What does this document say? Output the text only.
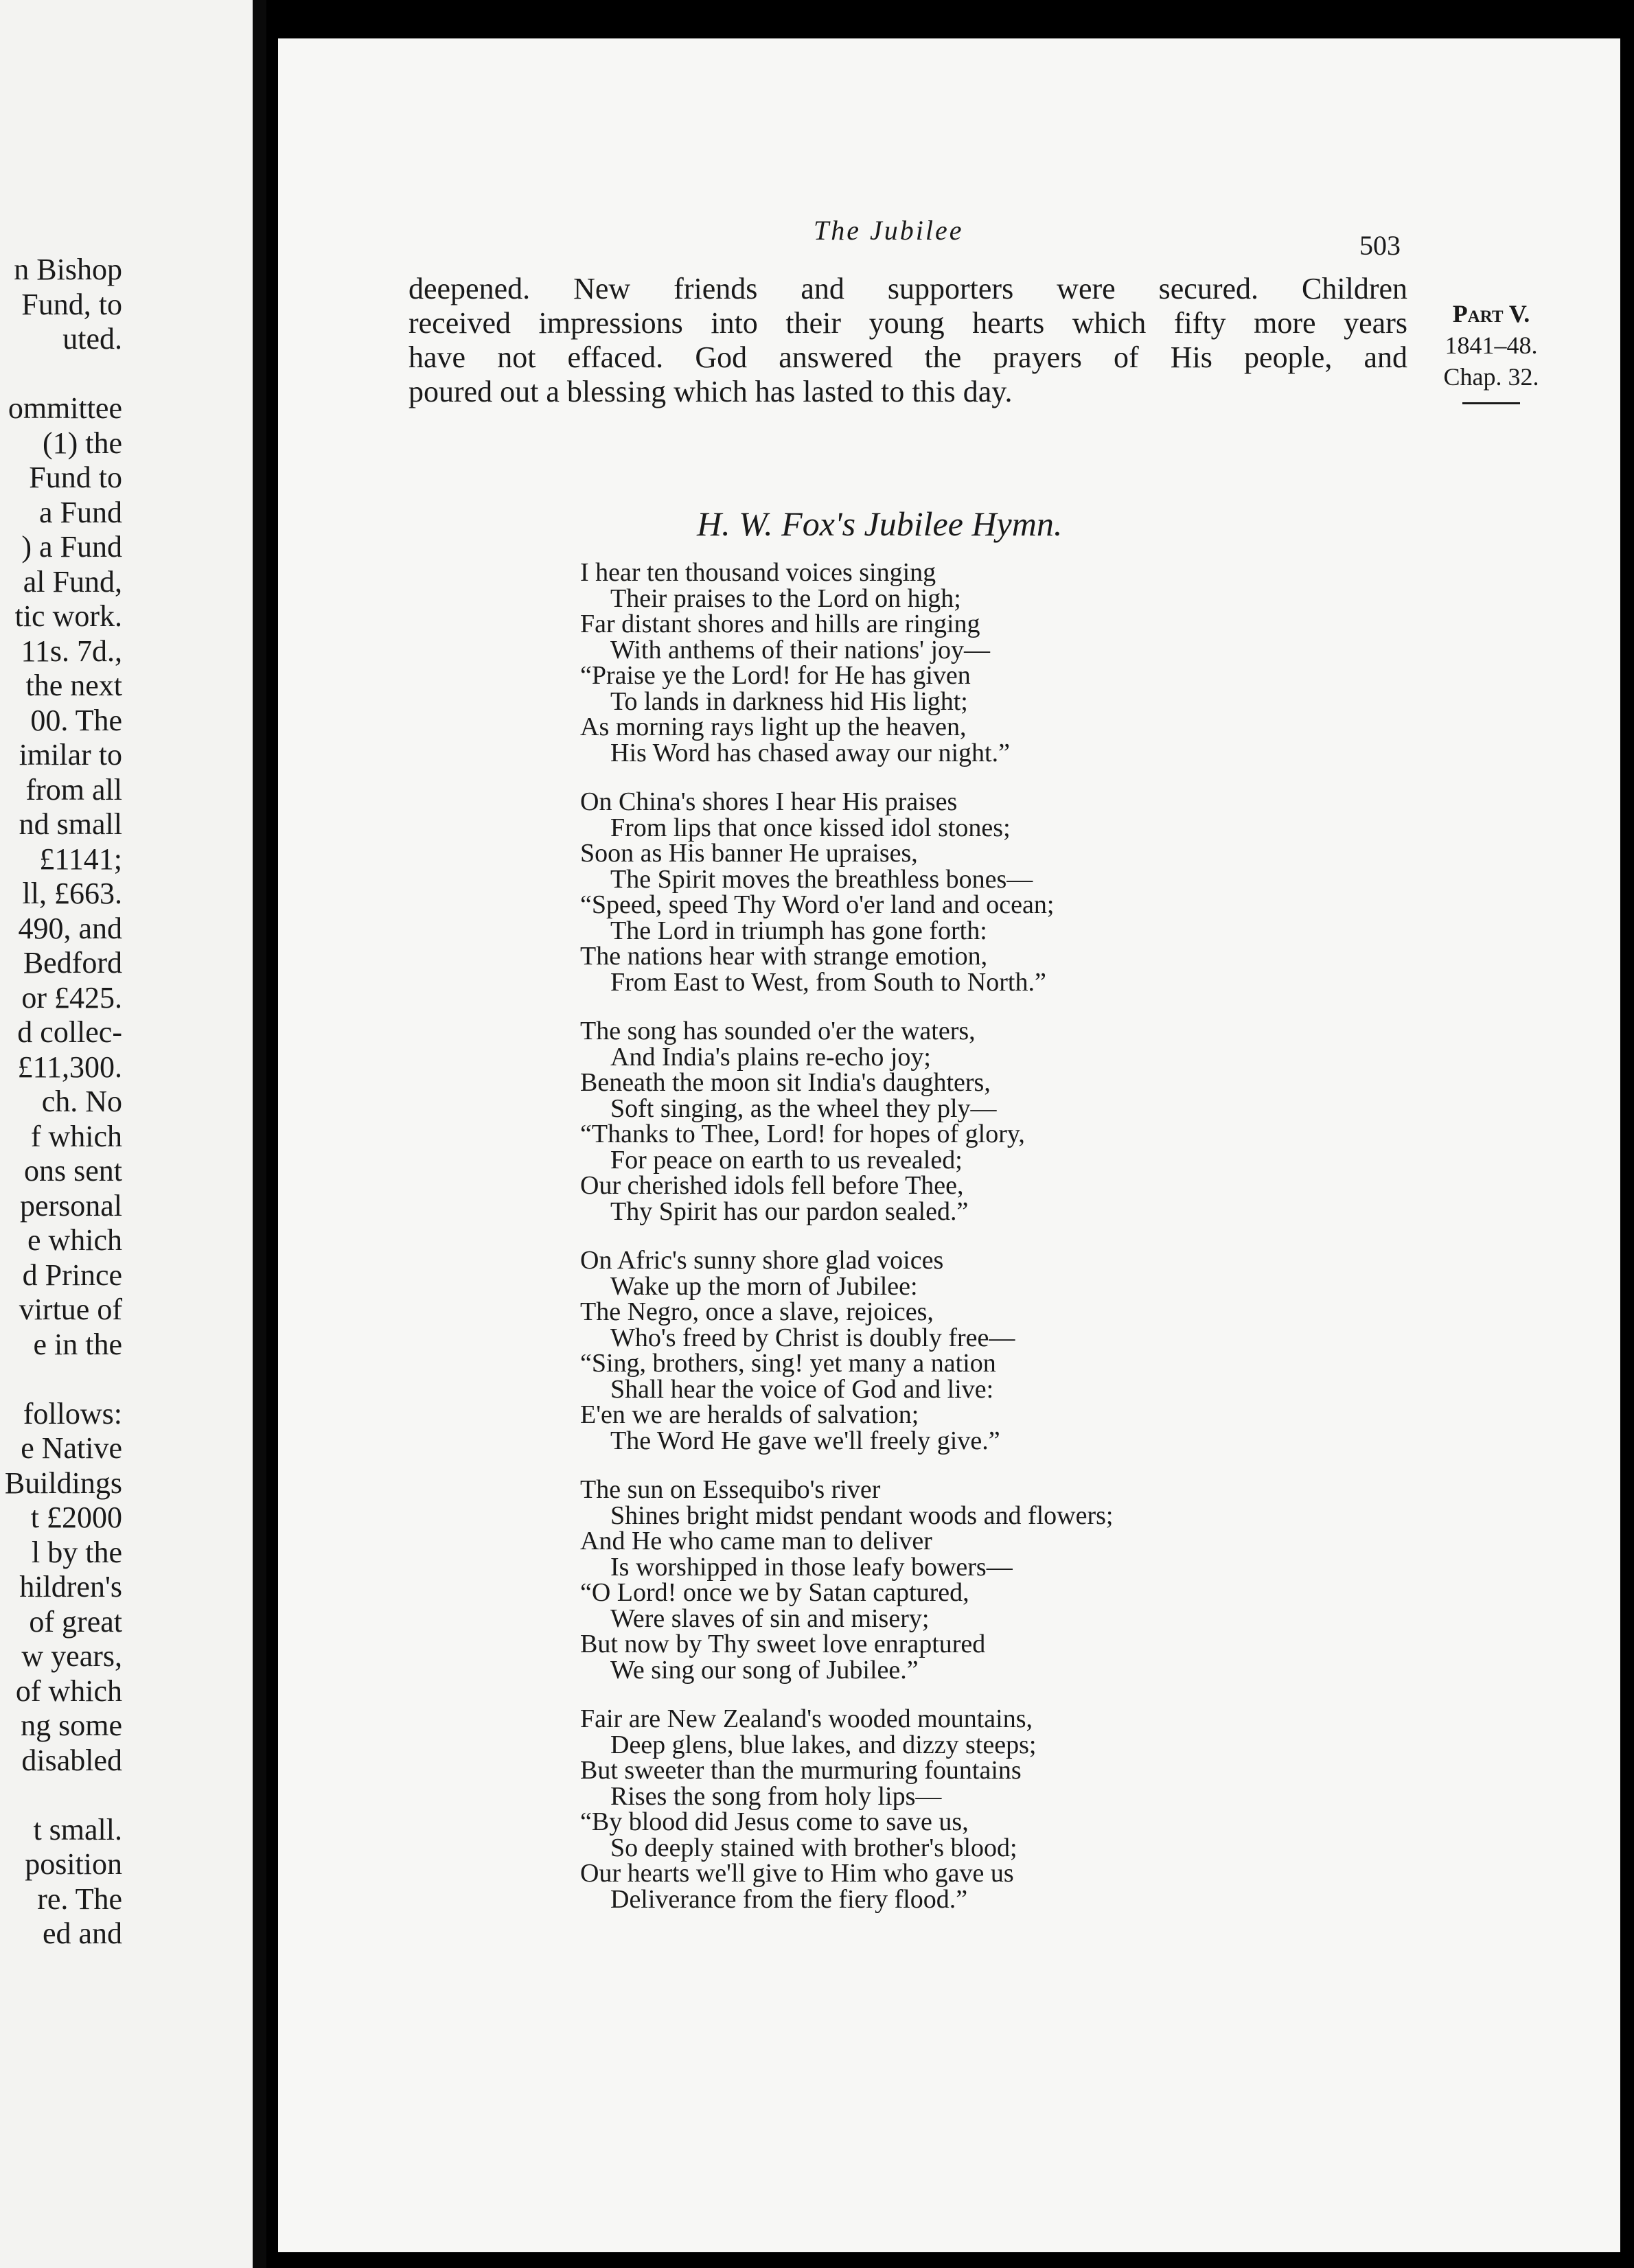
n Bishop
Fund, to
uted.
ommittee
(1) the
Fund to
a Fund
) a Fund
al Fund,
tic work.
11s. 7d.,
the next
00. The
imilar to
from all
nd small
£1141;
ll, £663.
490, and
Bedford
or £425.
d collec-
£11,300.
ch. No
f which
ons sent
personal
e which
d Prince
virtue of
e in the
follows:
e Native
Buildings
t £2000
l by the
hildren's
of great
w years,
of which
ng some
disabled
t small.
position
re. The
ed and
The Jubilee	503
deepened. New friends and supporters were secured. Children
received impressions into their young hearts which fifty more years
have not effaced. God answered the prayers of His people, and
poured out a blessing which has lasted to this day.
Part V.
1841–48.
Chap. 32.
H. W. Fox's Jubilee Hymn.
I hear ten thousand voices singing
Their praises to the Lord on high;
Far distant shores and hills are ringing
With anthems of their nations' joy—
“Praise ye the Lord! for He has given
To lands in darkness hid His light;
As morning rays light up the heaven,
His Word has chased away our night.”
On China's shores I hear His praises
From lips that once kissed idol stones;
Soon as His banner He upraises,
The Spirit moves the breathless bones—
“Speed, speed Thy Word o'er land and ocean;
The Lord in triumph has gone forth:
The nations hear with strange emotion,
From East to West, from South to North.”
The song has sounded o'er the waters,
And India's plains re-echo joy;
Beneath the moon sit India's daughters,
Soft singing, as the wheel they ply—
“Thanks to Thee, Lord! for hopes of glory,
For peace on earth to us revealed;
Our cherished idols fell before Thee,
Thy Spirit has our pardon sealed.”
On Afric's sunny shore glad voices
Wake up the morn of Jubilee:
The Negro, once a slave, rejoices,
Who's freed by Christ is doubly free—
“Sing, brothers, sing! yet many a nation
Shall hear the voice of God and live:
E'en we are heralds of salvation;
The Word He gave we'll freely give.”
The sun on Essequibo's river
Shines bright midst pendant woods and flowers;
And He who came man to deliver
Is worshipped in those leafy bowers—
“O Lord! once we by Satan captured,
Were slaves of sin and misery;
But now by Thy sweet love enraptured
We sing our song of Jubilee.”
Fair are New Zealand's wooded mountains,
Deep glens, blue lakes, and dizzy steeps;
But sweeter than the murmuring fountains
Rises the song from holy lips—
“By blood did Jesus come to save us,
So deeply stained with brother's blood;
Our hearts we'll give to Him who gave us
Deliverance from the fiery flood.”
